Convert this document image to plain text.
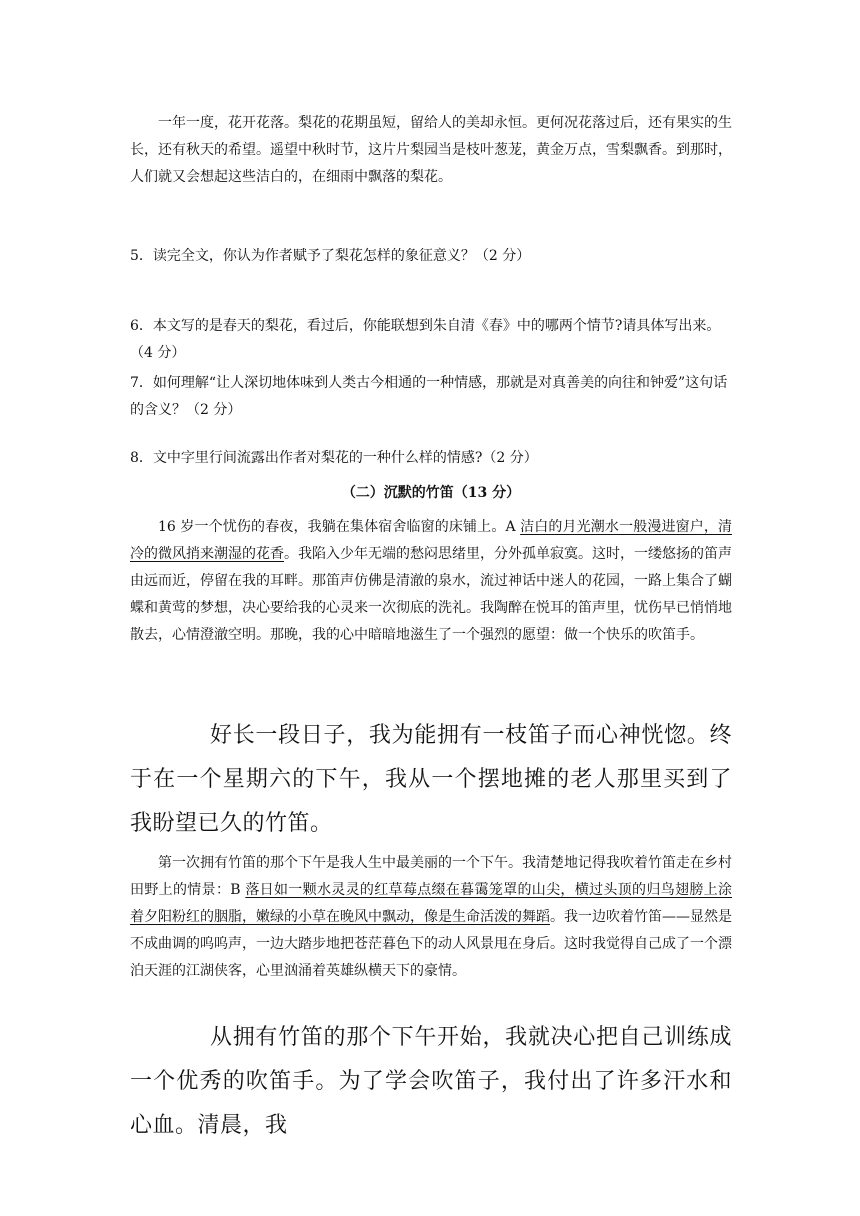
一年一度，花开花落。梨花的花期虽短，留给人的美却永恒。更何况花落过后，还有果实的生长，还有秋天的希望。遥望中秋时节，这片片梨园当是枝叶葱茏，黄金万点，雪梨飘香。到那时，人们就又会想起这些洁白的，在细雨中飘落的梨花。

5．读完全文，你认为作者赋予了梨花怎样的象征意义？（2 分）

6．本文写的是春天的梨花，看过后，你能联想到朱自清《春》中的哪两个情节?请具体写出来。 （4 分）

7．如何理解“让人深切地体味到人类古今相通的一种情感，那就是对真善美的向往和钟爱”这句话的含义？（2 分）

8．文中字里行间流露出作者对梨花的一种什么样的情感?（2 分）

（二）沉默的竹笛（13 分）

16 岁一个忧伤的春夜，我躺在集体宿舍临窗的床铺上。A 洁白的月光潮水一般漫进窗户，清冷的微风捎来潮湿的花香。我陷入少年无端的愁闷思绪里，分外孤单寂寞。这时，一缕悠扬的笛声由远而近，停留在我的耳畔。那笛声仿佛是清澈的泉水，流过神话中迷人的花园，一路上集合了蝴蝶和黄莺的梦想，决心要给我的心灵来一次彻底的洗礼。我陶醉在悦耳的笛声里，忧伤早已悄悄地散去，心情澄澈空明。那晚，我的心中暗暗地滋生了一个强烈的愿望：做一个快乐的吹笛手。

好长一段日子，我为能拥有一枝笛子而心神恍惚。终于在一个星期六的下午，我从一个摆地摊的老人那里买到了我盼望已久的竹笛。

第一次拥有竹笛的那个下午是我人生中最美丽的一个下午。我清楚地记得我吹着竹笛走在乡村田野上的情景：B 落日如一颗水灵灵的红草莓点缀在暮霭笼罩的山尖，横过头顶的归鸟翅膀上涂着夕阳粉红的胭脂，嫩绿的小草在晚风中飘动，像是生命活泼的舞蹈。我一边吹着竹笛——显然是不成曲调的呜呜声，一边大踏步地把苍茫暮色下的动人风景甩在身后。这时我觉得自己成了一个漂泊天涯的江湖侠客，心里汹涌着英雄纵横天下的豪情。

从拥有竹笛的那个下午开始，我就决心把自己训练成一个优秀的吹笛手。为了学会吹笛子，我付出了许多汗水和心血。清晨，我
